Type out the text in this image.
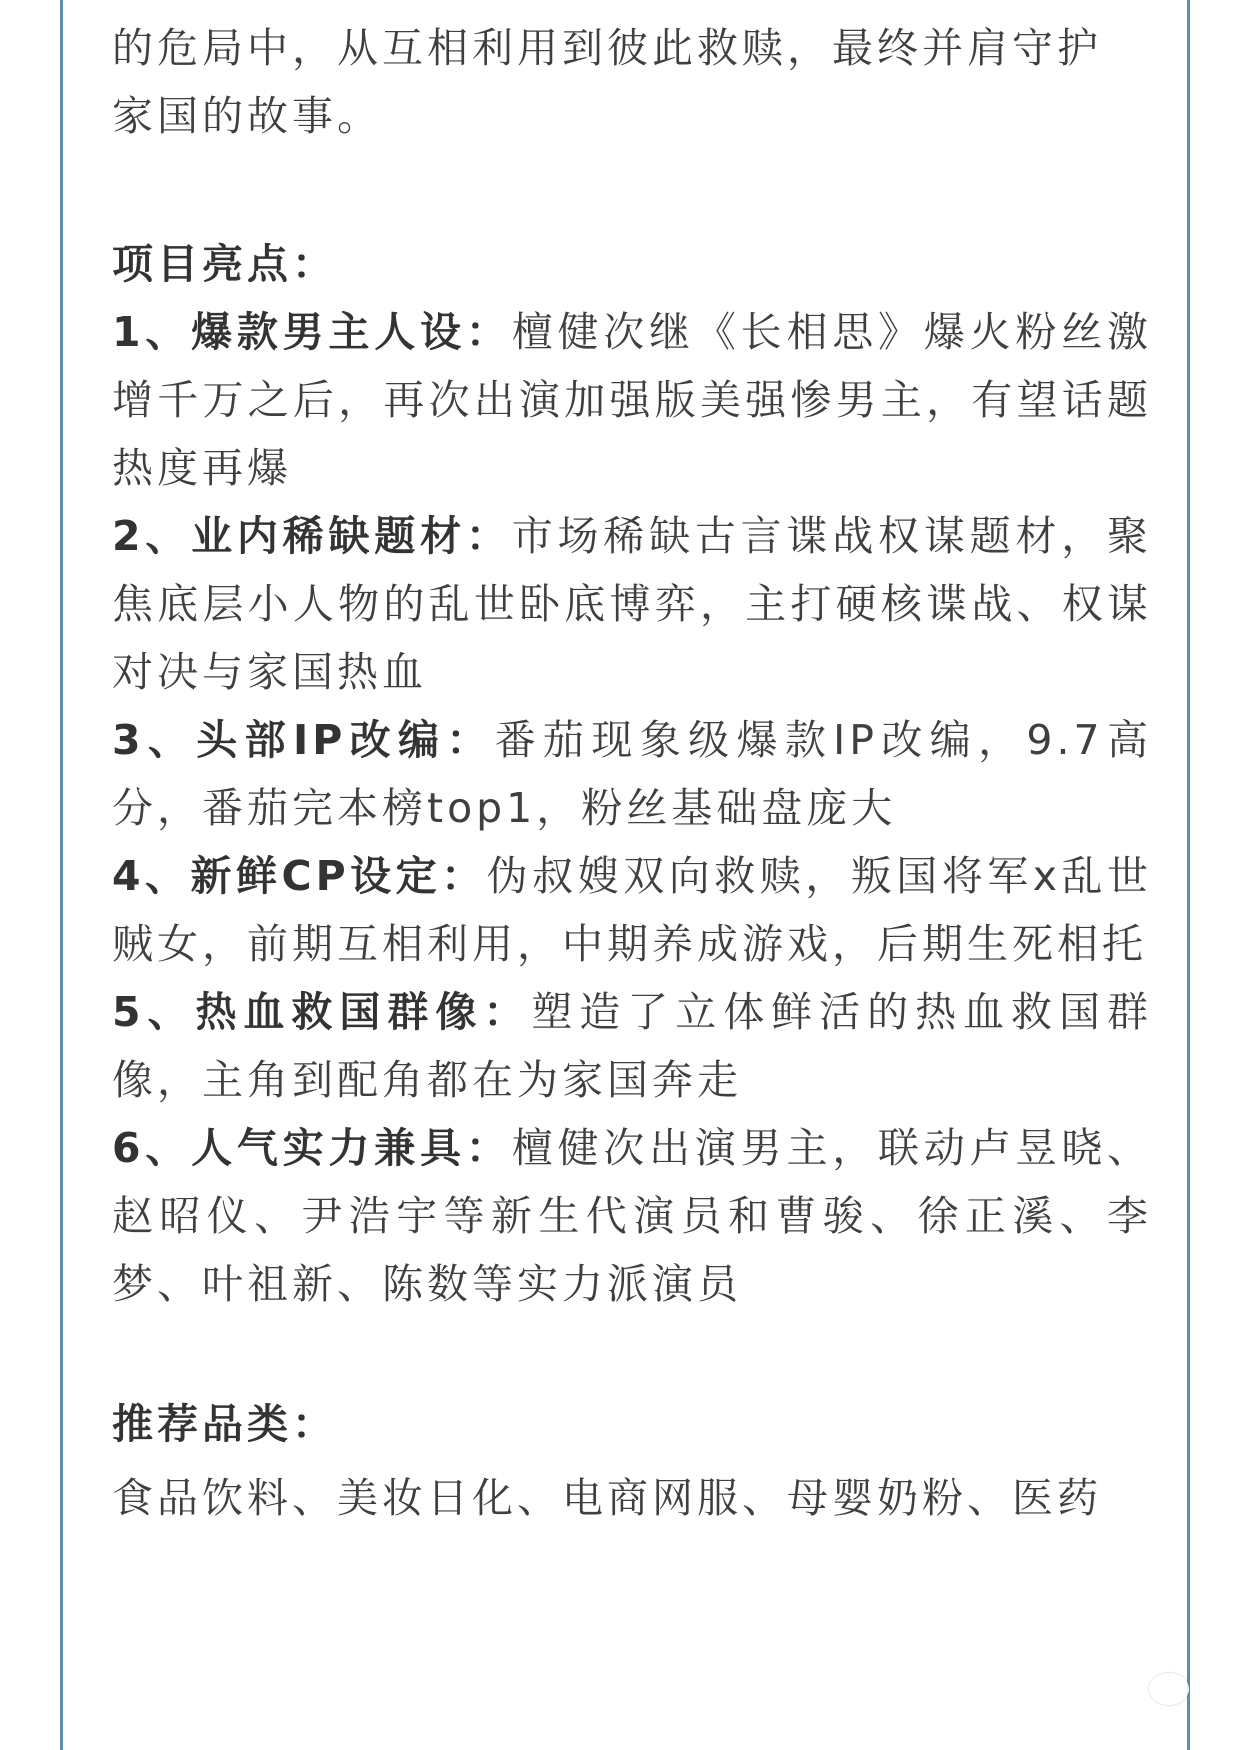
的危局中，从互相利用到彼此救赎，最终并肩守护
家国的故事。

项目亮点：

1、爆款男主人设：檀健次继《长相思》爆火粉丝激增千万之后，再次出演加强版美强惨男主，有望话题热度再爆

2、业内稀缺题材：市场稀缺古言谍战权谋题材，聚焦底层小人物的乱世卧底博弈，主打硬核谍战、权谋对决与家国热血

3、头部IP改编：番茄现象级爆款IP改编，9.7高分，番茄完本榜top1，粉丝基础盘庞大

4、新鲜CP设定：伪叔嫂双向救赎，叛国将军x乱世贼女，前期互相利用，中期养成游戏，后期生死相托

5、热血救国群像：塑造了立体鲜活的热血救国群像，主角到配角都在为家国奔走

6、人气实力兼具：檀健次出演男主，联动卢昱晓、赵昭仪、尹浩宇等新生代演员和曹骏、徐正溪、李梦、叶祖新、陈数等实力派演员

推荐品类：

食品饮料、美妆日化、电商网服、母婴奶粉、医药
